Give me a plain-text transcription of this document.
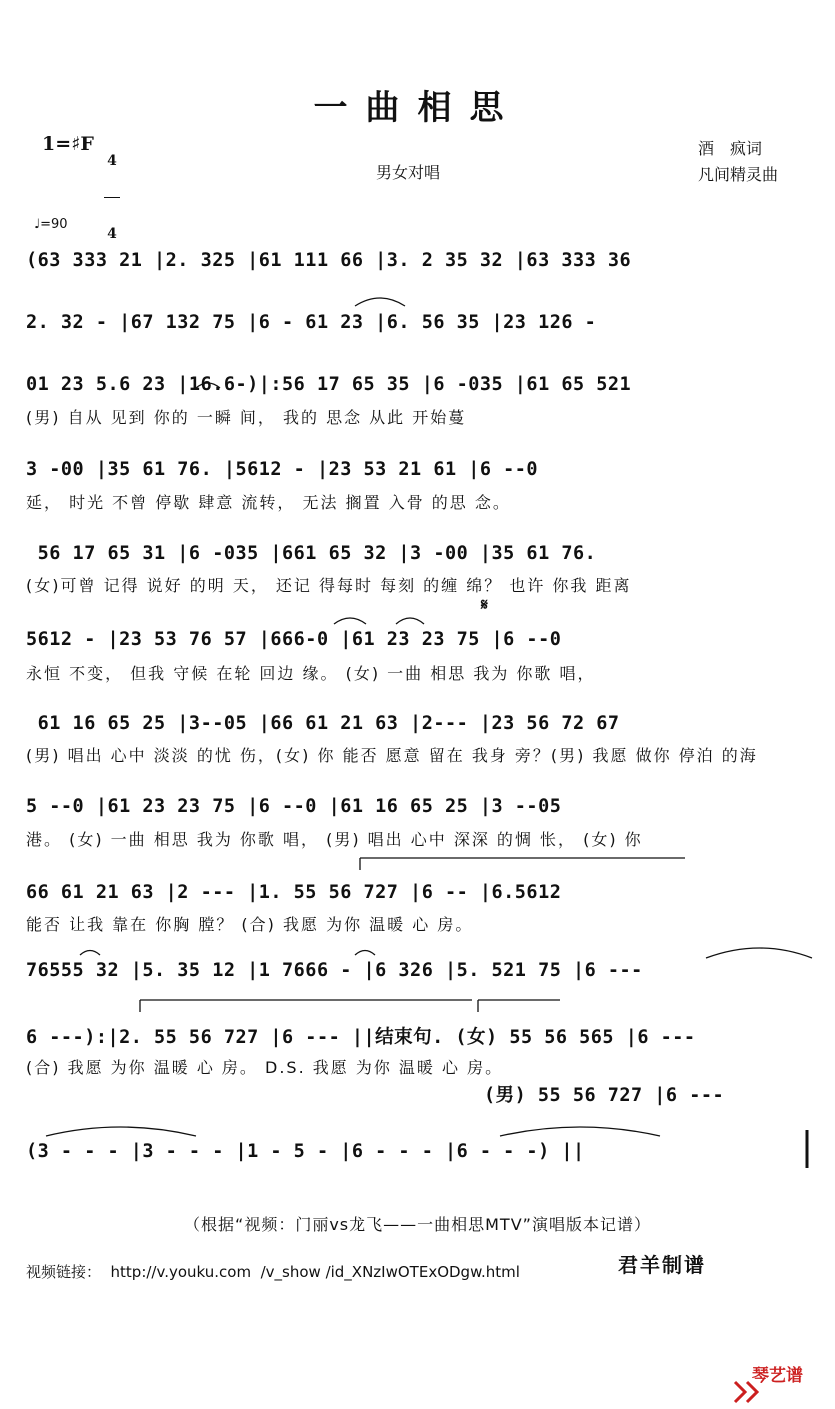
一曲相思
1=♯F

4

4

男女对唱
酒　疯词
凡间精灵曲
♩=90
(63 333 21 |2. 325 |61 111 66 |3. 2 35 32 |63 333 36
2. 32 - |67 132 75 |6 - 61 23 |6. 56 35 |23 126 -
01 23 5.6 23 |16.6-)|:56 17 65 35 |6 -035 |61 65 521
(男) 自从 见到 你的 一瞬 间， 我的 思念 从此 开始蔓
3 -00 |35 61 76. |5612 - |23 53 21 61 |6 --0
延， 时光 不曾 停歇 肆意 流转， 无法 搁置 入骨 的思 念。
56 17 65 31 |6 -035 |661 65 32 |3 -00 |35 61 76.
(女)可曾 记得 说好 的明 天， 还记 得每时 每刻 的缠 绵？ 也许 你我 距离
5612 - |23 53 76 57 |666-0 |61 23 23 75 |6 --0
永恒 不变， 但我 守候 在轮 回边 缘。 (女) 一曲 相思 我为 你歌 唱，
61 16 65 25 |3--05 |66 61 21 63 |2--- |23 56 72 67
(男) 唱出 心中 淡淡 的忧 伤，(女) 你 能否 愿意 留在 我身 旁？(男) 我愿 做你 停泊 的海
5 --0 |61 23 23 75 |6 --0 |61 16 65 25 |3 --05
港。 (女) 一曲 相思 我为 你歌 唱， (男) 唱出 心中 深深 的惆 怅， (女) 你
66 61 21 63 |2 --- |1. 55 56 727 |6 -- |6.5612
能否 让我 靠在 你胸 膛？ (合) 我愿 为你 温暖 心 房。
76555 32 |5. 35 12 |1 7666 - |6 326 |5. 521 75 |6 ---
6 ---):|2. 55 56 727 |6 --- ||结束句. (女) 55 56 565 |6 ---
(合) 我愿 为你 温暖 心 房。 D.S. 我愿 为你 温暖 心 房。
(男) 55 56 727 |6 ---
(3 - - - |3 - - - |1 - 5 - |6 - - - |6 - - -) ||
𝄋
（根据“视频：门丽vs龙飞——一曲相思MTV”演唱版本记谱）
视频链接：  http://v.youku.com  /v_show /id_XNzIwOTExODgw.html	君羊制谱

琴艺谱
